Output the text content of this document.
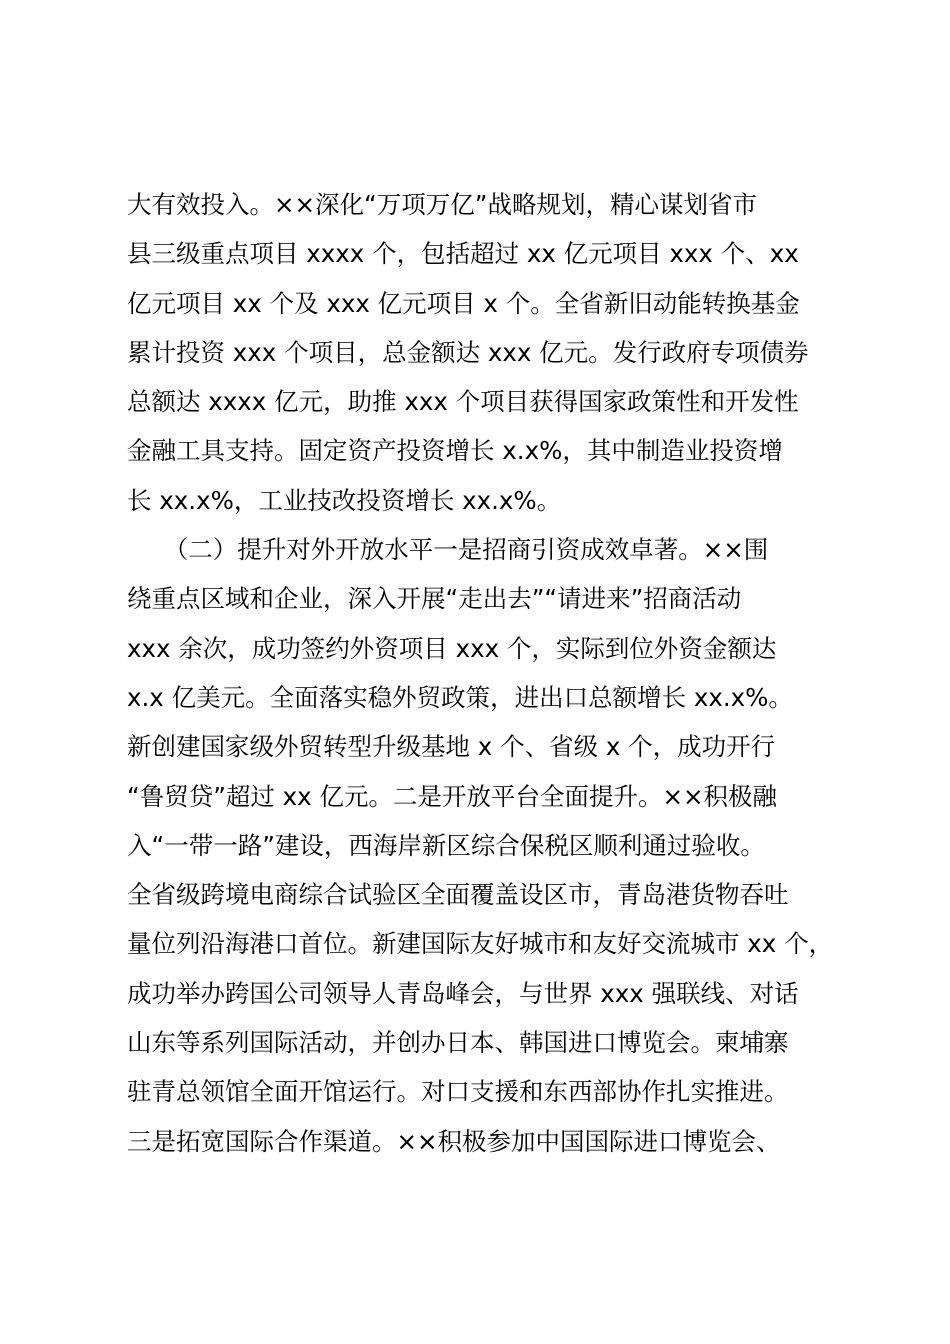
大有效投入。××深化“万项万亿”战略规划，精心谋划省市
县三级重点项目 xxxx 个，包括超过 xx 亿元项目 xxx 个、xx
亿元项目 xx 个及 xxx 亿元项目 x 个。全省新旧动能转换基金
累计投资 xxx 个项目，总金额达 xxx 亿元。发行政府专项债券
总额达 xxxx 亿元，助推 xxx 个项目获得国家政策性和开发性
金融工具支持。固定资产投资增长 x.x%，其中制造业投资增
长 xx.x%，工业技改投资增长 xx.x%。
　　（二）提升对外开放水平一是招商引资成效卓著。××围
绕重点区域和企业，深入开展“走出去”“请进来”招商活动
xxx 余次，成功签约外资项目 xxx 个，实际到位外资金额达
x.x 亿美元。全面落实稳外贸政策，进出口总额增长 xx.x%。
新创建国家级外贸转型升级基地 x 个、省级 x 个，成功开行
“鲁贸贷”超过 xx 亿元。二是开放平台全面提升。××积极融
入“一带一路”建设，西海岸新区综合保税区顺利通过验收。
全省级跨境电商综合试验区全面覆盖设区市，青岛港货物吞吐
量位列沿海港口首位。新建国际友好城市和友好交流城市 xx 个，
成功举办跨国公司领导人青岛峰会，与世界 xxx 强联线、对话
山东等系列国际活动，并创办日本、韩国进口博览会。柬埔寨
驻青总领馆全面开馆运行。对口支援和东西部协作扎实推进。
三是拓宽国际合作渠道。××积极参加中国国际进口博览会、
